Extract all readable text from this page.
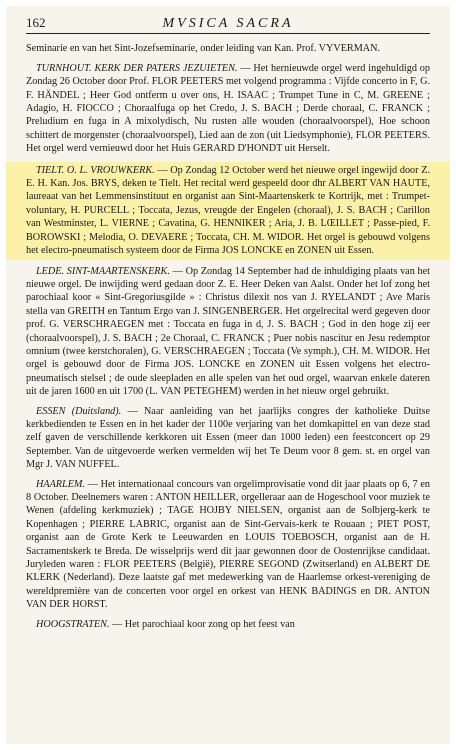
162	MVSICA SACRA

Seminarie en van het Sint-Jozefseminarie, onder leiding van Kan. Prof. VYVERMAN.

TURNHOUT. KERK DER PATERS JEZUIETEN. — Het hernieuwde orgel werd ingehuldigd op Zondag 26 October door Prof. FLOR PEETERS met volgend programma : Vijfde concerto in F, G. F. HÄNDEL ; Heer God ontferm u over ons, H. ISAAC ; Trumpet Tune in C, M. GREENE ; Adagio, H. FIOCCO ; Choraalfuga op het Credo, J. S. BACH ; Derde choraal, C. FRANCK ; Preludium en fuga in A mixolydisch, Nu rusten alle wouden (choraalvoorspel), Hoe schoon schittert de morgenster (choraalvoorspel), Lied aan de zon (uit Liedsymphonie), FLOR PEETERS. Het orgel werd vernieuwd door het Huis GERARD D'HONDT uit Herselt.

TIELT. O. L. VROUWKERK. — Op Zondag 12 October werd het nieuwe orgel ingewijd door Z. E. H. Kan. Jos. BRYS, deken te Tielt. Het recital werd gespeeld door dhr ALBERT VAN HAUTE, laureaat van het Lemmensinstituut en organist aan Sint-Maartenskerk te Kortrijk, met : Trumpet-voluntary, H. PURCELL ; Toccata, Jezus, vreugde der Engelen (choraal), J. S. BACH ; Carillon van Westminster, L. VIERNE ; Cavatina, G. HENNIKER ; Aria, J. B. LŒILLET ; Passe-pied, F. BOROWSKI ; Melodia, O. DEVAERE ; Toccata, CH. M. WIDOR. Het orgel is gebouwd volgens het electro-pneumatisch systeem door de Firma JOS LONCKE en ZONEN uit Essen.

LEDE. SINT-MAARTENSKERK. — Op Zondag 14 September had de inhuldiging plaats van het nieuwe orgel. De inwijding werd gedaan door Z. E. Heer Deken van Aalst. Onder het lof zong het parochiaal koor « Sint-Gregoriusgilde » : Christus dilexit nos van J. RYELANDT ; Ave Maris stella van GREITH en Tantum Ergo van J. SINGENBERGER. Het orgelrecital werd gegeven door prof. G. VERSCHRAEGEN met : Toccata en fuga in d, J. S. BACH ; God in den hoge zij eer (choraalvoorspel), J. S. BACH ; 2e Choraal, C. FRANCK ; Puer nobis nascitur en Jesu redemptor omnium (twee kerstchoralen), G. VERSCHRAEGEN ; Toccata (Ve symph.), CH. M. WIDOR. Het orgel is gebouwd door de Firma JOS. LONCKE en ZONEN uit Essen volgens het electro-pneumatisch stelsel ; de oude sleepladen en alle spelen van het oud orgel, waarvan enkele dateren uit de jaren 1600 en uit 1700 (L. VAN PETEGHEM) werden in het nieuw orgel gebruikt.

ESSEN (Duitsland). — Naar aanleiding van het jaarlijks congres der katholieke Duitse kerkbedienden te Essen en in het kader der 1100e verjaring van het domkapittel en van deze stad zelf gaven de verschillende kerkkoren uit Essen (meer dan 1000 leden) een feestconcert op 29 September. Van de uitgevoerde werken vermelden wij het Te Deum voor 8 gem. st. en orgel van Mgr J. VAN NUFFEL.

HAARLEM. — Het internationaal concours van orgelimprovisatie vond dit jaar plaats op 6, 7 en 8 October. Deelnemers waren : ANTON HEILLER, orgelleraar aan de Hogeschool voor muziek te Wenen (afdeling kerkmuziek) ; TAGE HOJBY NIELSEN, organist aan de Solbjerg-kerk te Kopenhagen ; PIERRE LABRIC, organist aan de Sint-Gervais-kerk te Rouaan ; PIET POST, organist aan de Grote Kerk te Leeuwarden en LOUIS TOEBOSCH, organist aan de H. Sacramentskerk te Breda. De wisselprijs werd dit jaar gewonnen door de Oostenrijkse candidaat. Juryleden waren : FLOR PEETERS (België), PIERRE SEGOND (Zwitserland) en ALBERT DE KLERK (Nederland). Deze laatste gaf met medewerking van de Haarlemse orkest-vereniging de wereldpremière van de concerten voor orgel en orkest van HENK BADINGS en DR. ANTON VAN DER HORST.

HOOGSTRATEN. — Het parochiaal koor zong op het feest van
